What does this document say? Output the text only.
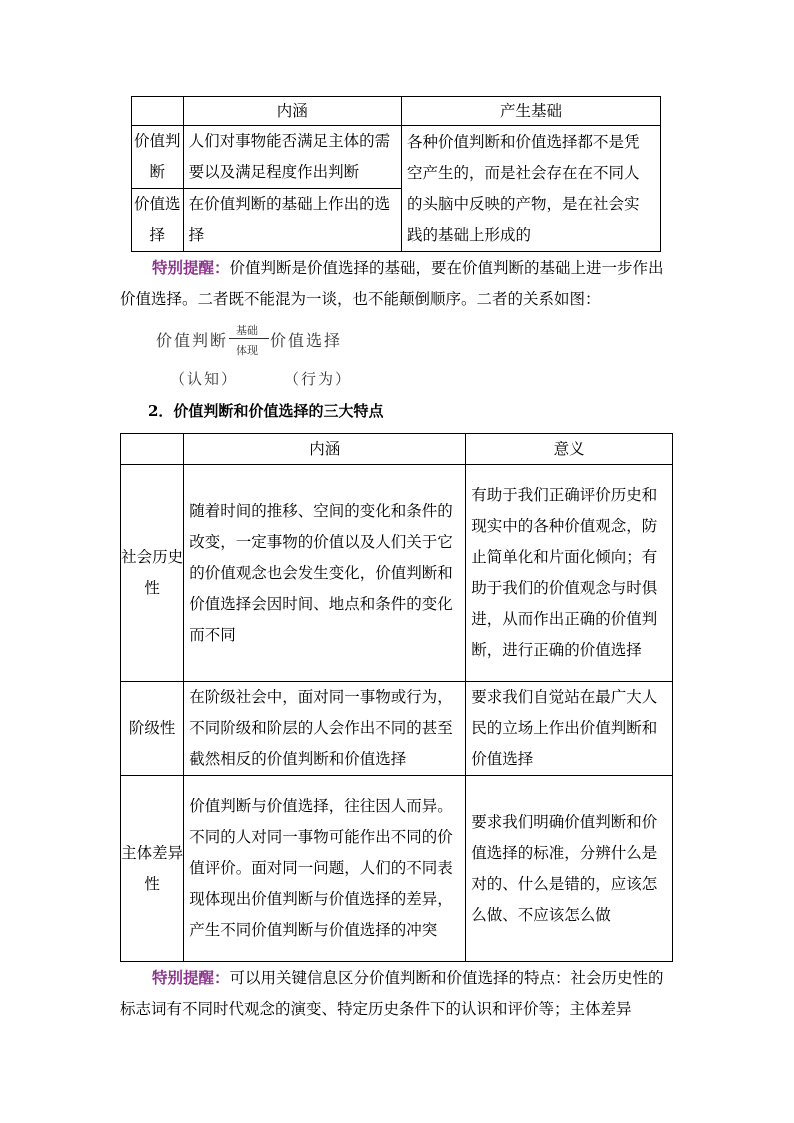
	内涵	产生基础
价值判断	人们对事物能否满足主体的需要以及满足程度作出判断	各种价值判断和价值选择都不是凭空产生的，而是社会存在在不同人的头脑中反映的产物，是在社会实践的基础上形成的
价值选择	在价值判断的基础上作出的选择	
特别提醒：价值判断是价值选择的基础，要在价值判断的基础上进一步作出价值选择。二者既不能混为一谈，也不能颠倒顺序。二者的关系如图：
价值判断
基础
体现
价值选择
（认知）	（行为）
2．价值判断和价值选择的三大特点
	内涵	意义
社会历史性	随着时间的推移、空间的变化和条件的改变，一定事物的价值以及人们关于它的价值观念也会发生变化，价值判断和价值选择会因时间、地点和条件的变化而不同	有助于我们正确评价历史和现实中的各种价值观念，防止简单化和片面化倾向；有助于我们的价值观念与时俱进，从而作出正确的价值判断，进行正确的价值选择
阶级性	在阶级社会中，面对同一事物或行为，不同阶级和阶层的人会作出不同的甚至截然相反的价值判断和价值选择	要求我们自觉站在最广大人民的立场上作出价值判断和价值选择
主体差异性	价值判断与价值选择，往往因人而异。不同的人对同一事物可能作出不同的价值评价。面对同一问题，人们的不同表现体现出价值判断与价值选择的差异，产生不同价值判断与价值选择的冲突	要求我们明确价值判断和价值选择的标准，分辨什么是对的、什么是错的，应该怎么做、不应该怎么做
特别提醒：可以用关键信息区分价值判断和价值选择的特点：社会历史性的标志词有不同时代观念的演变、特定历史条件下的认识和评价等；主体差异
